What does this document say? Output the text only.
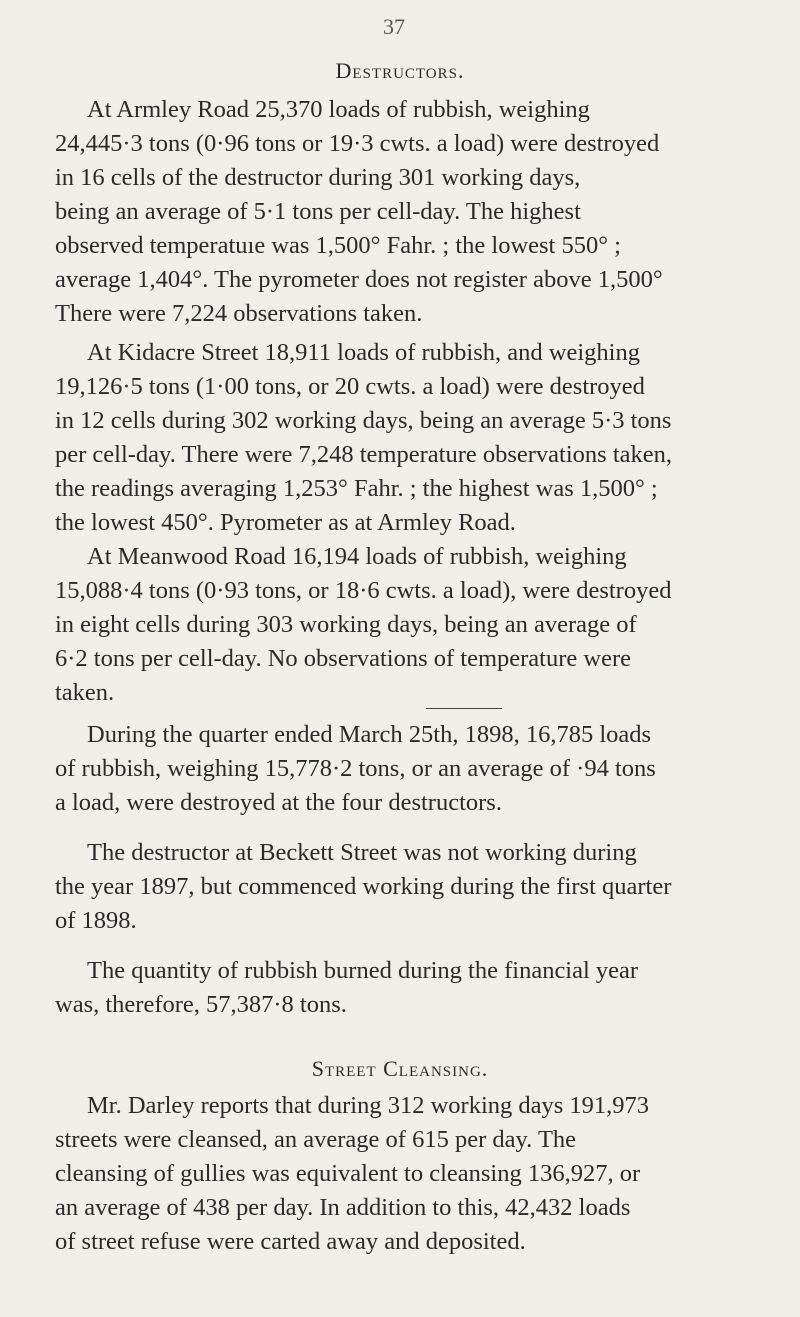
37
Destructors.

At Armley Road 25,370 loads of rubbish, weighing
24,445·3 tons (0·96 tons or 19·3 cwts. a load) were destroyed
in 16 cells of the destructor during 301 working days,
being an average of 5·1 tons per cell-day. The highest
observed temperatuıe was 1,500° Fahr. ; the lowest 550° ;
average 1,404°. The pyrometer does not register above 1,500°
There were 7,224 observations taken.

At Kidacre Street 18,911 loads of rubbish, and weighing
19,126·5 tons (1·00 tons, or 20 cwts. a load) were destroyed
in 12 cells during 302 working days, being an average 5·3 tons
per cell-day. There were 7,248 temperature observations taken,
the readings averaging 1,253° Fahr. ; the highest was 1,500° ;
the lowest 450°. Pyrometer as at Armley Road.

At Meanwood Road 16,194 loads of rubbish, weighing
15,088·4 tons (0·93 tons, or 18·6 cwts. a load), were destroyed
in eight cells during 303 working days, being an average of
6·2 tons per cell-day. No observations of temperature were
taken.

During the quarter ended March 25th, 1898, 16,785 loads
of rubbish, weighing 15,778·2 tons, or an average of ·94 tons
a load, were destroyed at the four destructors.

The destructor at Beckett Street was not working during
the year 1897, but commenced working during the first quarter
of 1898.

The quantity of rubbish burned during the financial year
was, therefore, 57,387·8 tons.

Street Cleansing.

Mr. Darley reports that during 312 working days 191,973
streets were cleansed, an average of 615 per day. The
cleansing of gullies was equivalent to cleansing 136,927, or
an average of 438 per day. In addition to this, 42,432 loads
of street refuse were carted away and deposited.
